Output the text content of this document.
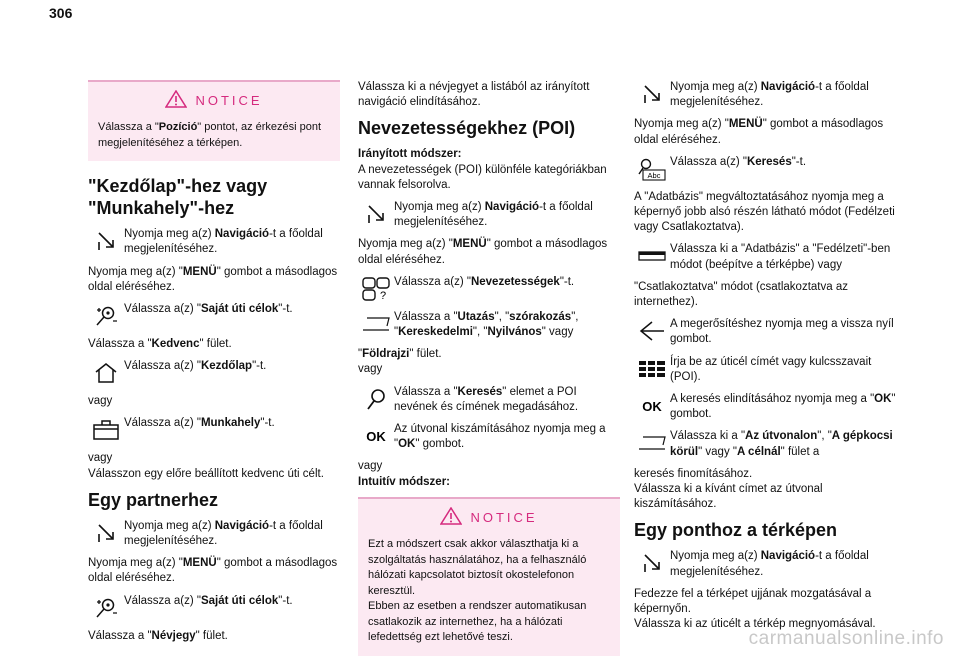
306
NOTICE
Válassza a "Pozíció" pontot, az érkezési pont megjelenítéséhez a térképen.
"Kezdőlap"-hez vagy "Munkahely"-hez
Nyomja meg a(z) Navigáció-t a főoldal megjelenítéséhez.
Nyomja meg a(z) "MENÜ" gombot a másodlagos oldal eléréséhez.
Válassza a(z) "Saját úti célok"-t.
Válassza a "Kedvenc" fület.
Válassza a(z) "Kezdőlap"-t.
vagy
Válassza a(z) "Munkahely"-t.
vagy
Válasszon egy előre beállított kedvenc úti célt.
Egy partnerhez
Nyomja meg a(z) Navigáció-t a főoldal megjelenítéséhez.
Nyomja meg a(z) "MENÜ" gombot a másodlagos oldal eléréséhez.
Válassza a(z) "Saját úti célok"-t.
Válassza a "Névjegy" fület.
Válassza ki a névjegyet a listából az irányított navigáció elindításához.
Nevezetességekhez (POI)
Irányított módszer:
A nevezetességek (POI) különféle kategóriákban vannak felsorolva.
Nyomja meg a(z) Navigáció-t a főoldal megjelenítéséhez.
Nyomja meg a(z) "MENÜ" gombot a másodlagos oldal eléréséhez.
?
Válassza a(z) "Nevezetességek"-t.
Válassza a "Utazás", "szórakozás", "Kereskedelmi", "Nyilvános" vagy
"Földrajzi" fület.
vagy
Válassza a "Keresés" elemet a POI nevének és címének megadásához.
OK Az útvonal kiszámításához nyomja meg a "OK" gombot.
vagy
Intuitív módszer:
NOTICE
Ezt a módszert csak akkor választhatja ki a szolgáltatás használatához, ha a felhasználó hálózati kapcsolatot biztosít okostelefonon keresztül.
Ebben az esetben a rendszer automatikusan csatlakozik az internethez, ha a hálózati lefedettség ezt lehetővé teszi.
Nyomja meg a(z) Navigáció-t a főoldal megjelenítéséhez.
Nyomja meg a(z) "MENÜ" gombot a másodlagos oldal eléréséhez.
Abc
Válassza a(z) "Keresés"-t.
A "Adatbázis" megváltoztatásához nyomja meg a képernyő jobb alsó részén látható módot (Fedélzeti vagy Csatlakoztatva).
Válassza ki a "Adatbázis" a "Fedélzeti"-ben módot (beépítve a térképbe) vagy
"Csatlakoztatva" módot (csatlakoztatva az internethez).
A megerősítéshez nyomja meg a vissza nyíl gombot.
Írja be az úticél címét vagy kulcsszavait (POI).
OK A keresés elindításához nyomja meg a "OK" gombot.
Válassza ki a "Az útvonalon", "A gépkocsi körül" vagy "A célnál" fület a
keresés finomításához.
Válassza ki a kívánt címet az útvonal kiszámításához.
Egy ponthoz a térképen
Nyomja meg a(z) Navigáció-t a főoldal megjelenítéséhez.
Fedezze fel a térképet ujjának mozgatásával a képernyőn.
Válassza ki az úticélt a térkép megnyomásával.
carmanualsonline.info
